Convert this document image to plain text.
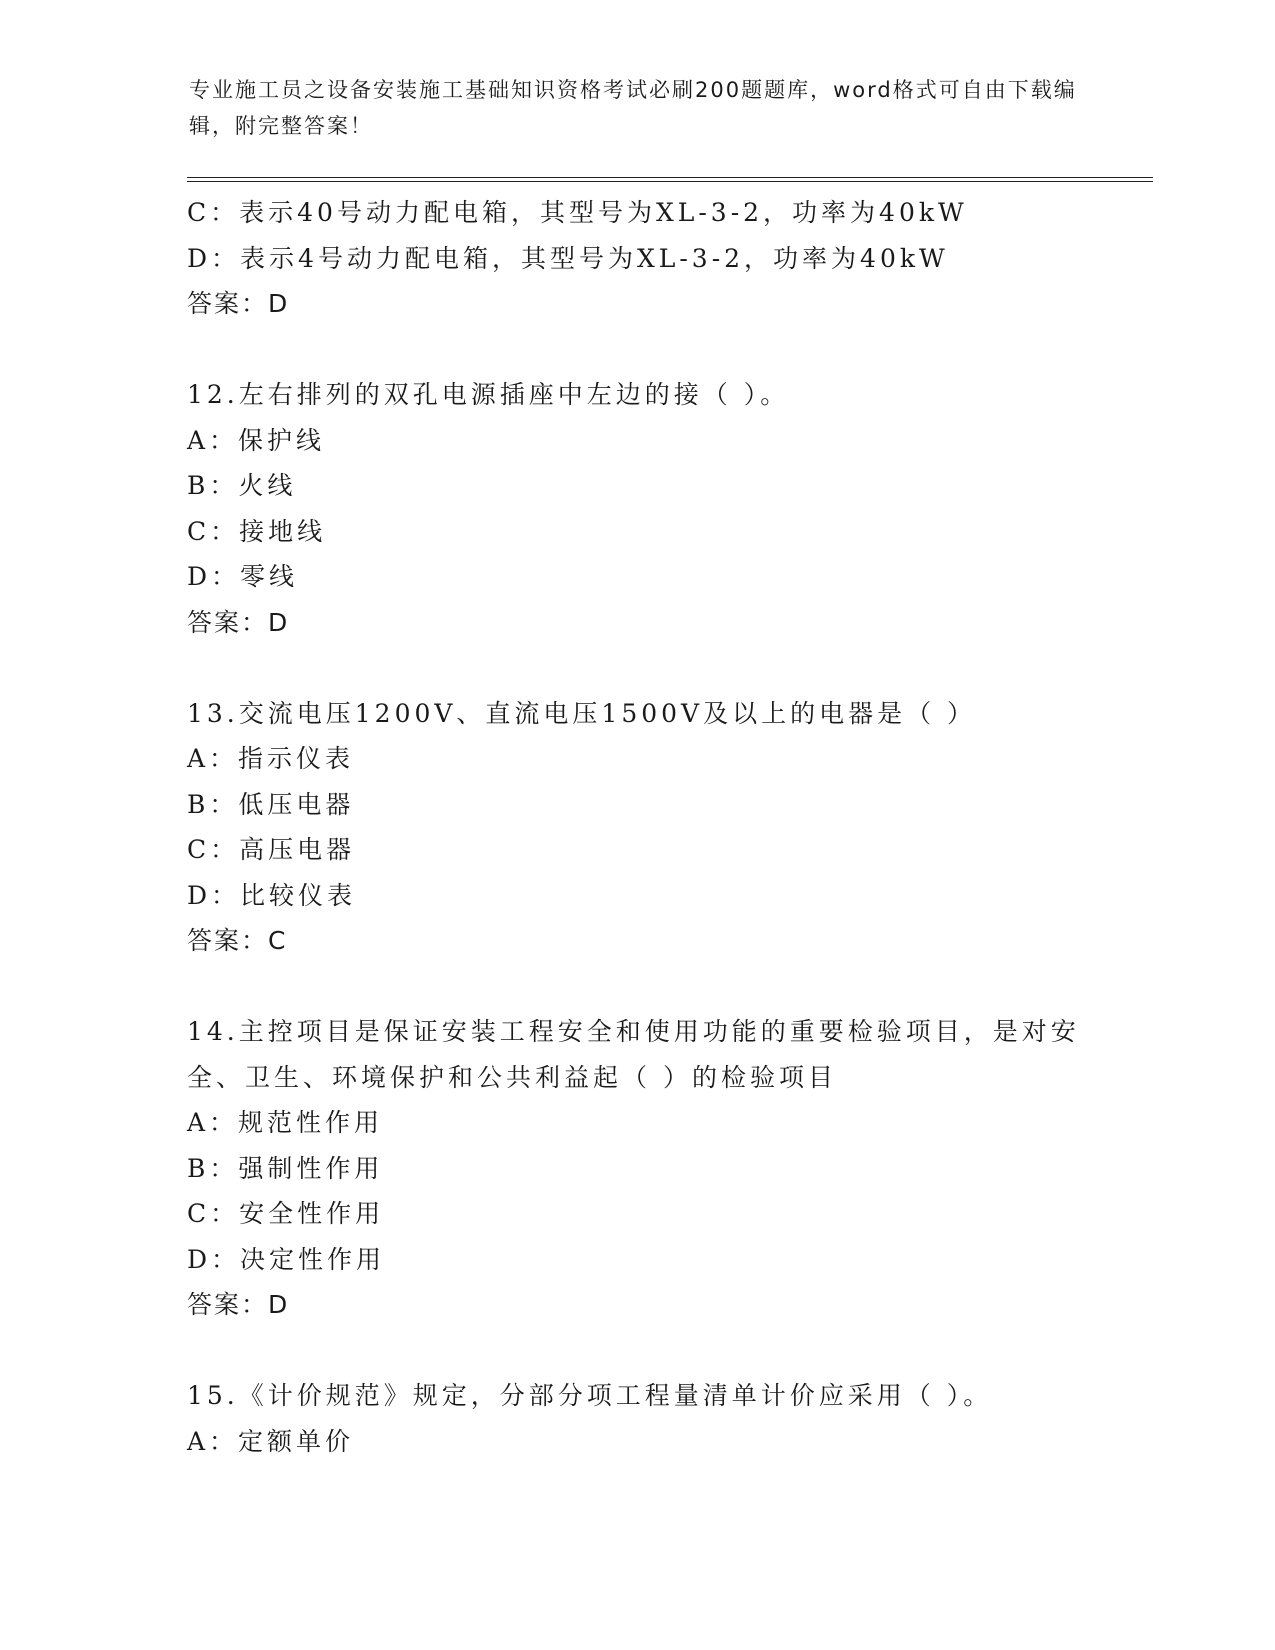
专业施工员之设备安装施工基础知识资格考试必刷200题题库，word格式可自由下载编辑，附完整答案！
C：表示40号动力配电箱，其型号为XL-3-2，功率为40kW
D：表示4号动力配电箱，其型号为XL-3-2，功率为40kW
答案：D
12.左右排列的双孔电源插座中左边的接（ ）。
A：保护线
B：火线
C：接地线
D：零线
答案：D
13.交流电压1200V、直流电压1500V及以上的电器是（ ）
A：指示仪表
B：低压电器
C：高压电器
D：比较仪表
答案：C
14.主控项目是保证安装工程安全和使用功能的重要检验项目，是对安全、卫生、环境保护和公共利益起（ ）的检验项目
A：规范性作用
B：强制性作用
C：安全性作用
D：决定性作用
答案：D
15.《计价规范》规定，分部分项工程量清单计价应采用（ ）。
A：定额单价
